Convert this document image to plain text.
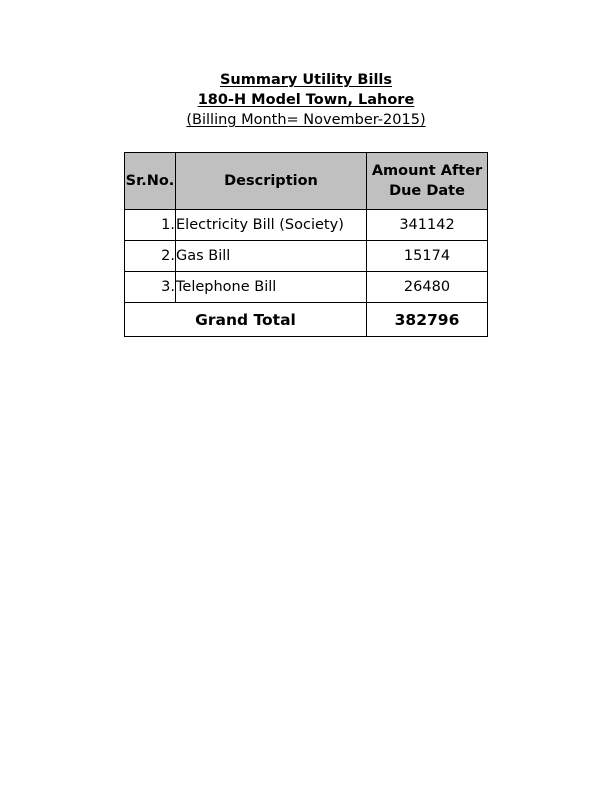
Summary Utility Bills
180-H Model Town, Lahore
(Billing Month= November-2015)
Sr.No.	Description	Amount After Due Date
1.	Electricity Bill (Society)	341142
2.	Gas Bill	15174
3.	Telephone Bill	26480
Grand Total		382796
